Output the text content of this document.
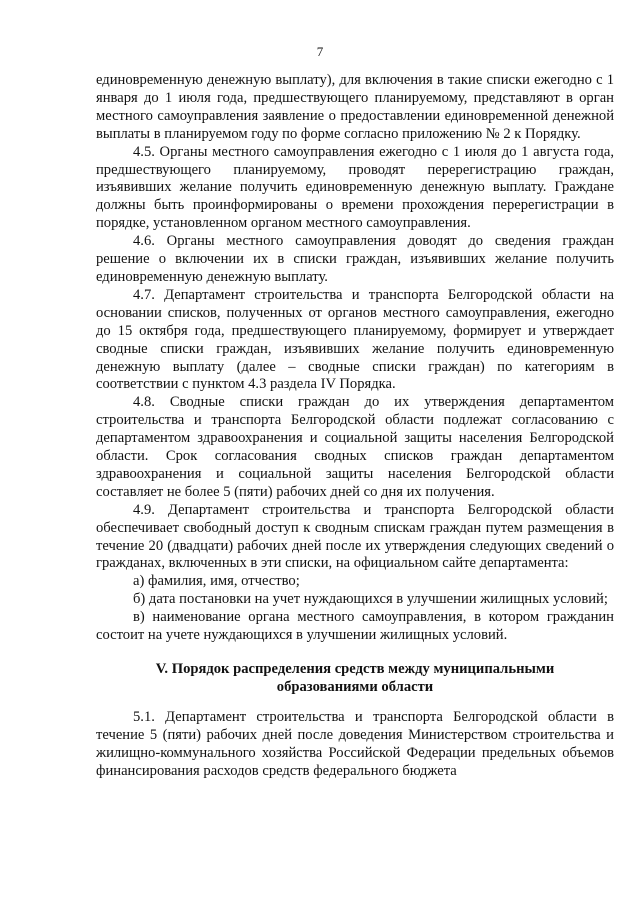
7

единовременную денежную выплату), для включения в такие списки ежегодно с 1 января до 1 июля года, предшествующего планируемому, представляют в орган местного самоуправления заявление о предоставлении единовременной денежной выплаты в планируемом году по форме согласно приложению № 2 к Порядку.

4.5. Органы местного самоуправления ежегодно с 1 июля до 1 августа года, предшествующего планируемому, проводят перерегистрацию граждан, изъявивших желание получить единовременную денежную выплату. Граждане должны быть проинформированы о времени прохождения перерегистрации в порядке, установленном органом местного самоуправления.

4.6. Органы местного самоуправления доводят до сведения граждан решение о включении их в списки граждан, изъявивших желание получить единовременную денежную выплату.

4.7. Департамент строительства и транспорта Белгородской области на основании списков, полученных от органов местного самоуправления, ежегодно до 15 октября года, предшествующего планируемому, формирует и утверждает сводные списки граждан, изъявивших желание получить единовременную денежную выплату (далее – сводные списки граждан) по категориям в соответствии с пунктом 4.3 раздела IV Порядка.

4.8. Сводные списки граждан до их утверждения департаментом строительства и транспорта Белгородской области подлежат согласованию с департаментом здравоохранения и социальной защиты населения Белгородской области. Срок согласования сводных списков граждан департаментом здравоохранения и социальной защиты населения Белгородской области составляет не более 5 (пяти) рабочих дней со дня их получения.

4.9. Департамент строительства и транспорта Белгородской области обеспечивает свободный доступ к сводным спискам граждан путем размещения в течение 20 (двадцати) рабочих дней после их утверждения следующих сведений о гражданах, включенных в эти списки, на официальном сайте департамента:

а) фамилия, имя, отчество;

б) дата постановки на учет нуждающихся в улучшении жилищных условий;

в) наименование органа местного самоуправления, в котором гражданин состоит на учете нуждающихся в улучшении жилищных условий.

V. Порядок распределения средств между муниципальными
образованиями области

5.1. Департамент строительства и транспорта Белгородской области в течение 5 (пяти) рабочих дней после доведения Министерством строительства и жилищно-коммунального хозяйства Российской Федерации предельных объемов финансирования расходов средств федерального бюджета
